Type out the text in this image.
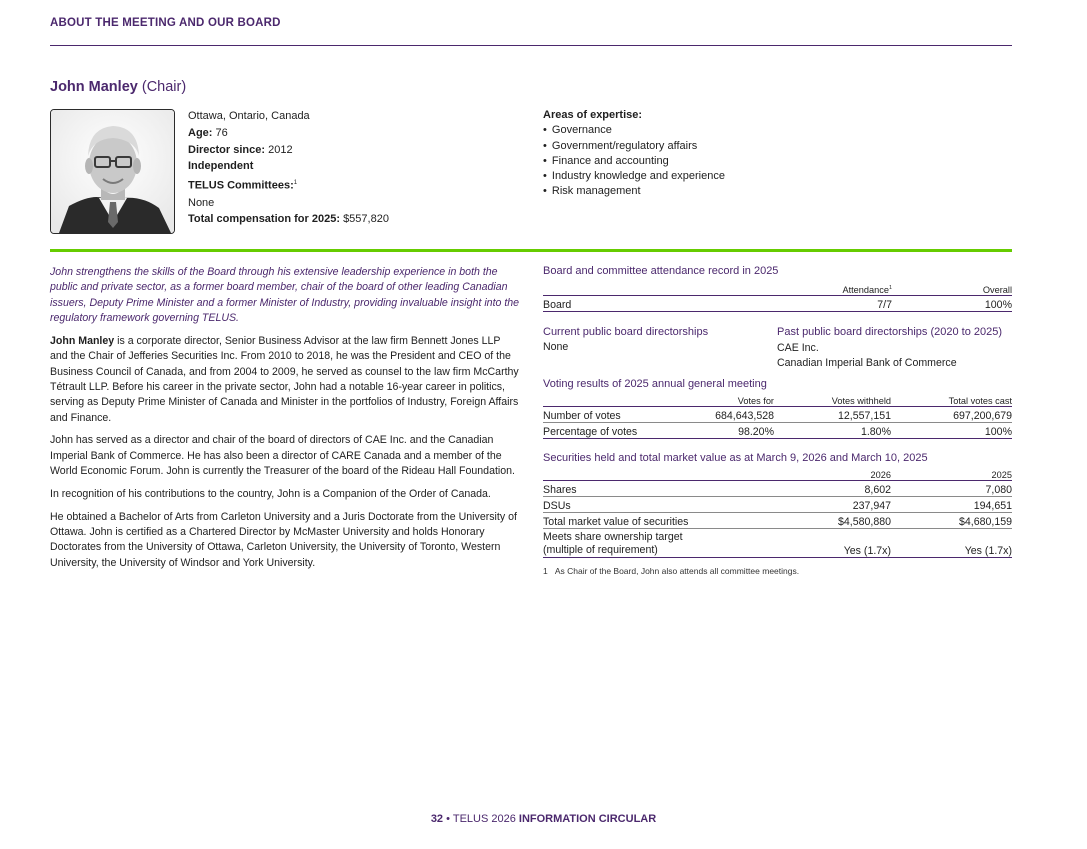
ABOUT THE MEETING AND OUR BOARD
John Manley (Chair)
Ottawa, Ontario, Canada
Age: 76
Director since: 2012
Independent
TELUS Committees:$^1$
None
Total compensation for 2025: $557,820
Areas of expertise:
• Governance
• Government/regulatory affairs
• Finance and accounting
• Industry knowledge and experience
• Risk management

John strengthens the skills of the Board through his extensive leadership experience in both the public and private sector, as a former board member, chair of the board of other leading Canadian issuers, Deputy Prime Minister and a former Minister of Industry, providing invaluable insight into the regulatory framework governing TELUS.

John Manley is a corporate director, Senior Business Advisor at the law firm Bennett Jones LLP and the Chair of Jefferies Securities Inc. From 2010 to 2018, he was the President and CEO of the Business Council of Canada, and from 2004 to 2009, he served as counsel to the law firm McCarthy Tétrault LLP. Before his career in the private sector, John had a notable 16-year career in politics, serving as Deputy Prime Minister of Canada and Minister in the portfolios of Industry, Foreign Affairs and Finance.

John has served as a director and chair of the board of directors of CAE Inc. and the Canadian Imperial Bank of Commerce. He has also been a director of CARE Canada and a member of the World Economic Forum. John is currently the Treasurer of the board of the Rideau Hall Foundation.

In recognition of his contributions to the country, John is a Companion of the Order of Canada.

He obtained a Bachelor of Arts from Carleton University and a Juris Doctorate from the University of Ottawa. John is certified as a Chartered Director by McMaster University and holds Honorary Doctorates from the University of Ottawa, Carleton University, the University of Toronto, Western University, the University of Windsor and York University.

Board and committee attendance record in 2025
	Attendance$^1$	Overall
Board	7/7	100%
Current public board directorships
None
Past public board directorships (2020 to 2025)
CAE Inc.
Canadian Imperial Bank of Commerce
Voting results of 2025 annual general meeting
	Votes for	Votes withheld	Total votes cast
Number of votes	684,643,528	12,557,151	697,200,679
Percentage of votes	98.20%	1.80%	100%
Securities held and total market value as at March 9, 2026 and March 10, 2025
	2026	2025
Shares	8,602	7,080
DSUs	237,947	194,651
Total market value of securities	$4,580,880	$4,680,159

Meets share ownership target
(multiple of requirement)	Yes (1.7x)	Yes (1.7x)
1 As Chair of the Board, John also attends all committee meetings.
32 • TELUS 2026 INFORMATION CIRCULAR
